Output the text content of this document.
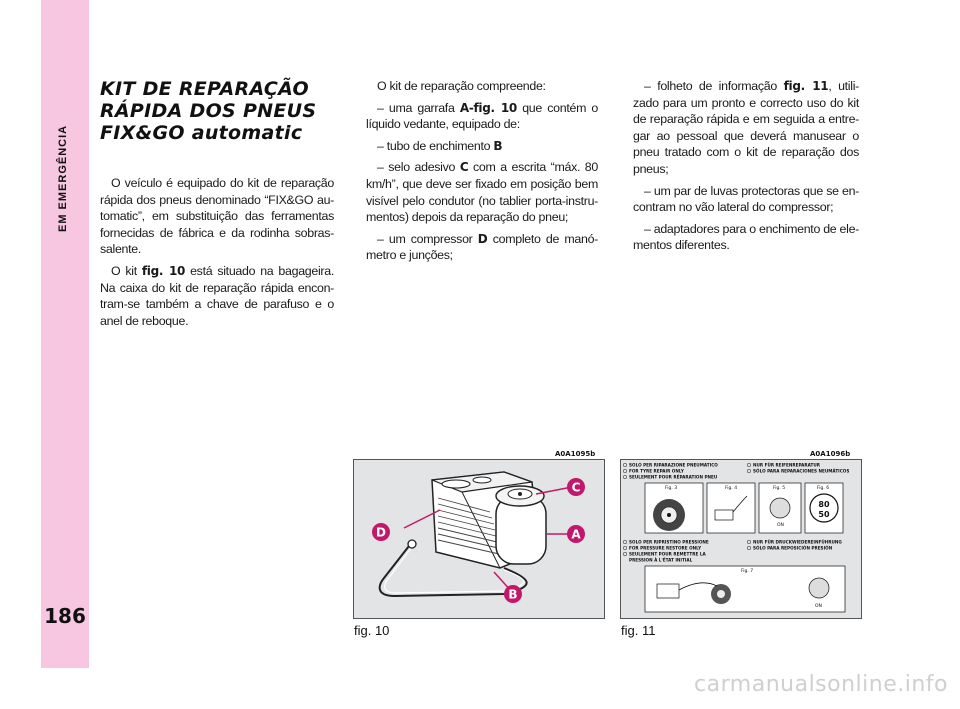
EM EMERGÊNCIA
186
KIT DE REPARAÇÃO RÁPIDA DOS PNEUS FIX&GO automatic

O veículo é equipado do kit de reparação rápida dos pneus denominado “FIX&GO au-tomatic”, em substituição das ferramentas fornecidas de fábrica e da rodinha sobras-salente.

O kit fig. 10 está situado na bagageira. Na caixa do kit de reparação rápida encon-tram-se também a chave de parafuso e o anel de reboque.

O kit de reparação compreende:

– uma garrafa A-fig. 10 que contém o líquido vedante, equipado de:

– tubo de enchimento B

– selo adesivo C com a escrita “máx. 80 km/h”, que deve ser fixado em posição bem visível pelo condutor (no tablier porta-instru-mentos) depois da reparação do pneu;

– um compressor D completo de manó-metro e junções;

– folheto de informação fig. 11, utili-zado para um pronto e correcto uso do kit de reparação rápida e em seguida a entre-gar ao pessoal que deverá manusear o pneu tratado com o kit de reparação dos pneus;

– um par de luvas protectoras que se en-contram no vão lateral do compressor;

– adaptadores para o enchimento de ele-mentos diferentes.

A0A1095b
C
A
D
B
fig. 10
A0A1096b
SOLO PER RIPARAZIONE PNEUMATICO
FOR TYRE REPAIR ONLY
SEULEMENT POUR RÉPARATION PNEU
NUR FÜR REIFENREPARATUR
SÓLO PARA REPARACIONES NEUMÁTICOS
Fig. 3	Fig. 4	Fig. 5	Fig. 6
ON
80
50
SOLO PER RIPRISTINO PRESSIONE
FOR PRESSURE RESTORE ONLY
SEULEMENT POUR REMETTRE LA
PRESSION À L'ÉTAT INITIAL
NUR FÜR DRUCKWIEDEREINFÜHRUNG
SÓLO PARA REPOSICIÓN PRESIÓN
Fig. 7
ON
fig. 11
carmanualsonline.info
